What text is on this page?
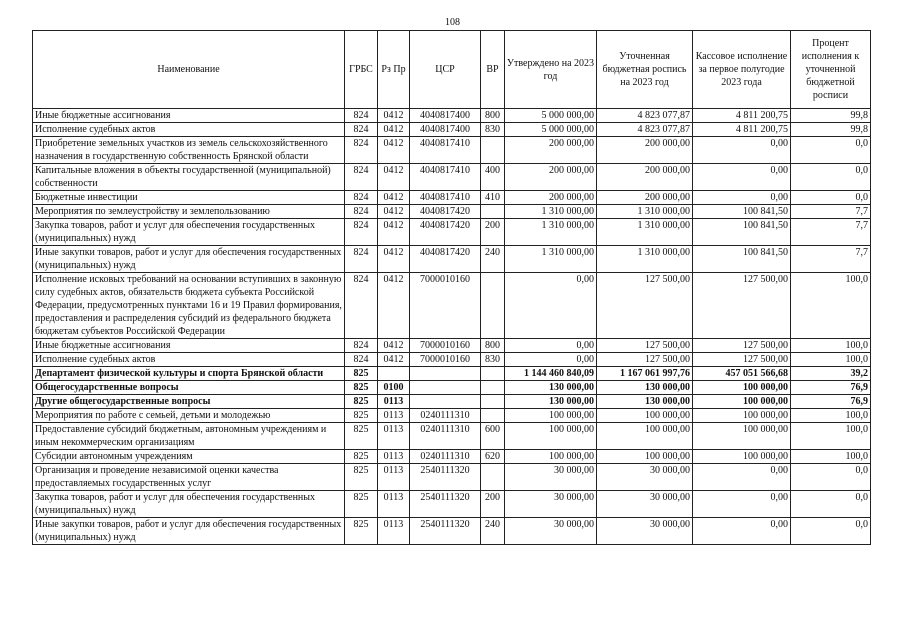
108
Наименование	ГРБС	Рз Пр	ЦСР	ВР	Утверждено на 2023 год	Уточненная бюджетная роспись на 2023 год	Кассовое исполнение за первое полугодие 2023 года	Процент исполнения к уточненной бюджетной росписи
Иные бюджетные ассигнования	824	0412	4040817400	800	5 000 000,00	4 823 077,87	4 811 200,75	99,8
Исполнение судебных актов	824	0412	4040817400	830	5 000 000,00	4 823 077,87	4 811 200,75	99,8
Приобретение земельных участков из земель сельскохозяйственного назначения в государственную собственность Брянской области	824	0412	4040817410		200 000,00	200 000,00	0,00	0,0
Капитальные вложения в объекты государственной (муниципальной) собственности	824	0412	4040817410	400	200 000,00	200 000,00	0,00	0,0
Бюджетные инвестиции	824	0412	4040817410	410	200 000,00	200 000,00	0,00	0,0
Мероприятия по землеустройству и землепользованию	824	0412	4040817420		1 310 000,00	1 310 000,00	100 841,50	7,7
Закупка товаров, работ и услуг для обеспечения государственных (муниципальных) нужд	824	0412	4040817420	200	1 310 000,00	1 310 000,00	100 841,50	7,7
Иные закупки товаров, работ и услуг для обеспечения государственных (муниципальных) нужд	824	0412	4040817420	240	1 310 000,00	1 310 000,00	100 841,50	7,7
Исполнение исковых требований на основании вступивших в законную силу судебных актов, обязательств бюджета субъекта Российской Федерации, предусмотренных пунктами 16 и 19 Правил формирования, предоставления и распределения субсидий из федерального бюджета бюджетам субъектов Российской Федерации	824	0412	7000010160		0,00	127 500,00	127 500,00	100,0
Иные бюджетные ассигнования	824	0412	7000010160	800	0,00	127 500,00	127 500,00	100,0
Исполнение судебных актов	824	0412	7000010160	830	0,00	127 500,00	127 500,00	100,0
Департамент физической культуры и спорта Брянской области	825				1 144 460 840,09	1 167 061 997,76	457 051 566,68	39,2
Общегосударственные вопросы	825	0100			130 000,00	130 000,00	100 000,00	76,9
Другие общегосударственные вопросы	825	0113			130 000,00	130 000,00	100 000,00	76,9
Мероприятия по работе с семьей, детьми и молодежью	825	0113	0240111310		100 000,00	100 000,00	100 000,00	100,0
Предоставление субсидий бюджетным, автономным учреждениям и иным некоммерческим организациям	825	0113	0240111310	600	100 000,00	100 000,00	100 000,00	100,0
Субсидии автономным учреждениям	825	0113	0240111310	620	100 000,00	100 000,00	100 000,00	100,0
Организация и проведение независимой оценки качества предоставляемых государственных услуг	825	0113	2540111320		30 000,00	30 000,00	0,00	0,0
Закупка товаров, работ и услуг для обеспечения государственных (муниципальных) нужд	825	0113	2540111320	200	30 000,00	30 000,00	0,00	0,0
Иные закупки товаров, работ и услуг для обеспечения государственных (муниципальных) нужд	825	0113	2540111320	240	30 000,00	30 000,00	0,00	0,0
